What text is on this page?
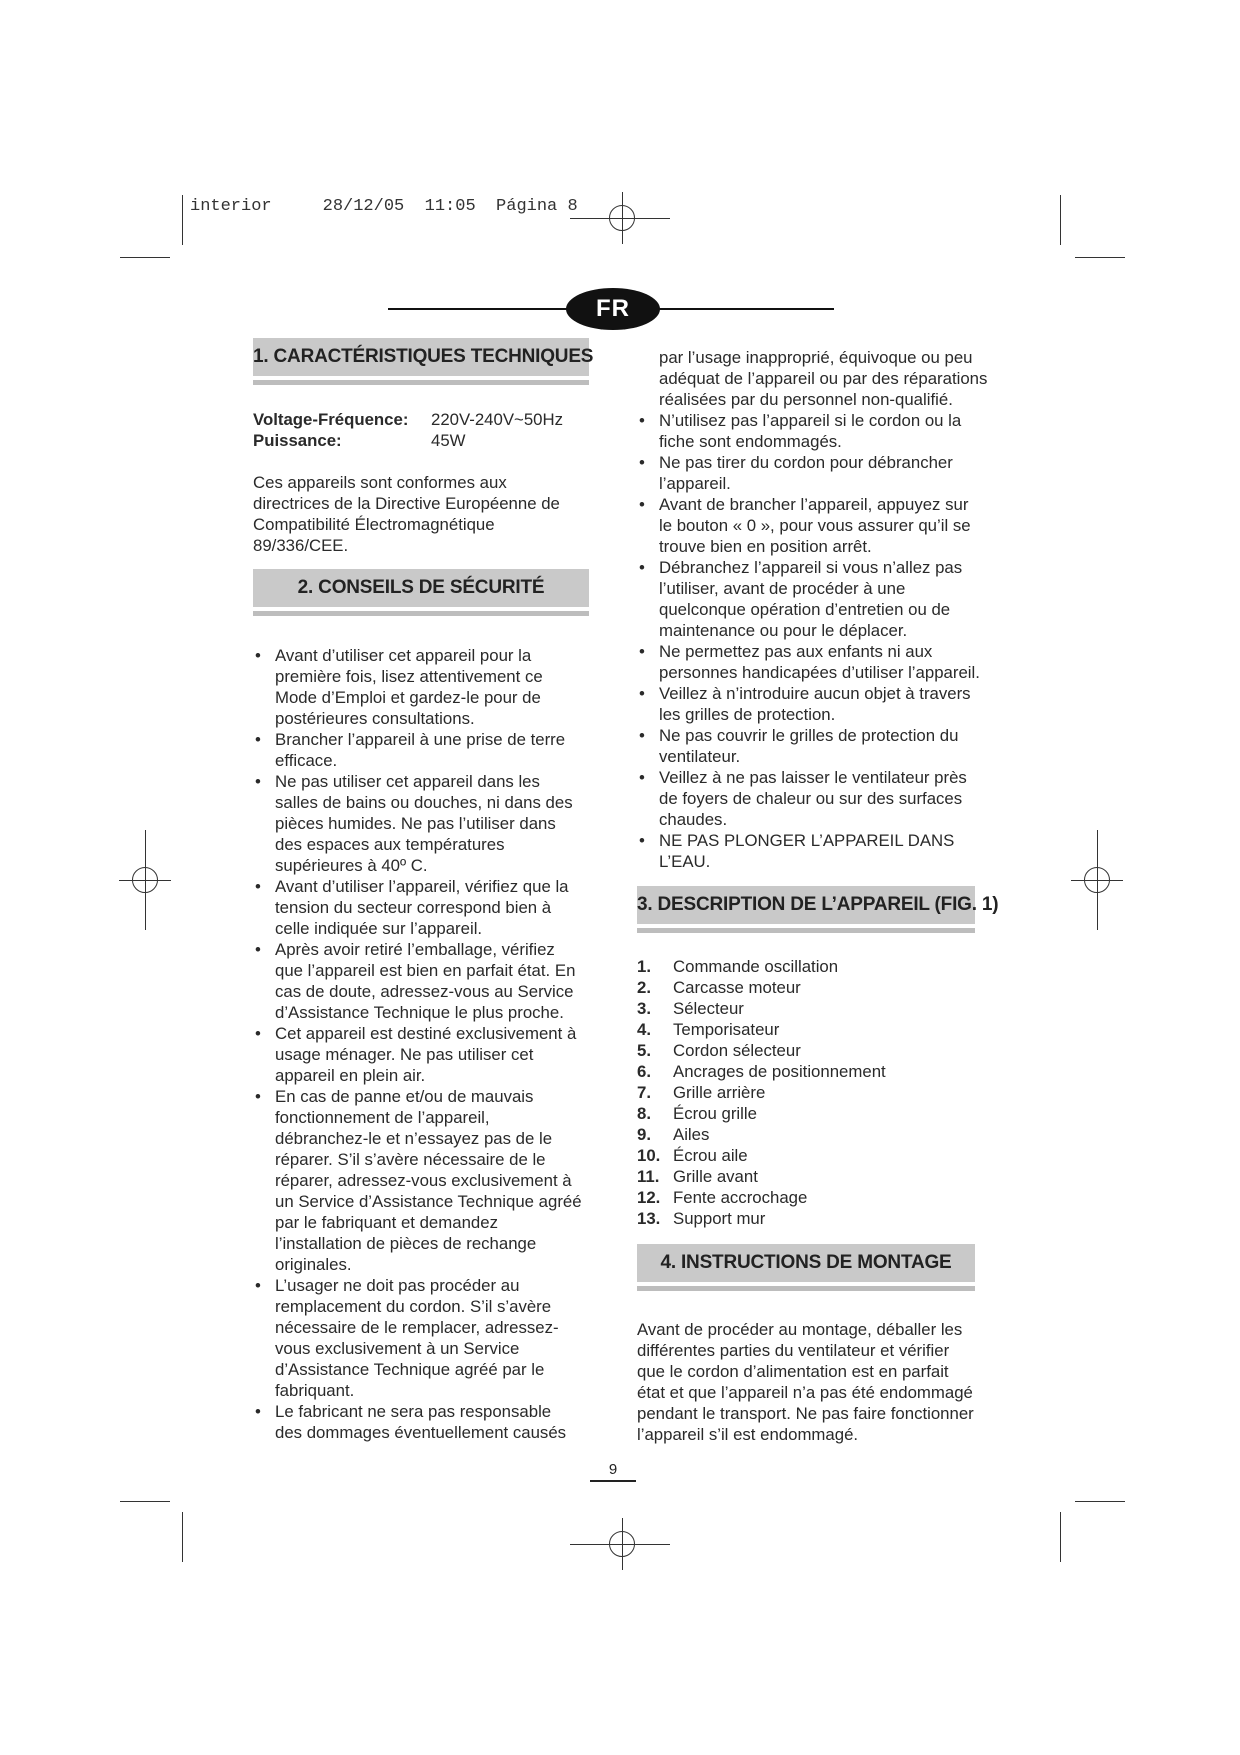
interior     28/12/05  11:05  Página 8
FR
1. CARACTÉRISTIQUES TECHNIQUES
Voltage-Fréquence:	220V-240V~50Hz
Puissance:	45W

Ces appareils sont conformes aux

directrices de la Directive Européenne de

Compatibilité Électromagnétique

89/336/CEE.

2. CONSEILS DE SÉCURITÉ

• Avant d’utiliser cet appareil pour la

première fois, lisez attentivement ce

Mode d’Emploi et gardez-le pour de

postérieures consultations.

• Brancher l’appareil à une prise de terre

efficace.

• Ne pas utiliser cet appareil dans les

salles de bains ou douches, ni dans des

pièces humides. Ne pas l’utiliser dans

des espaces aux températures

supérieures à 40º C.

• Avant d’utiliser l’appareil, vérifiez que la

tension du secteur correspond bien à

celle indiquée sur l’appareil.

• Après avoir retiré l’emballage, vérifiez

que l’appareil est bien en parfait état. En

cas de doute, adressez-vous au Service

d’Assistance Technique le plus proche.

• Cet appareil est destiné exclusivement à

usage ménager. Ne pas utiliser cet

appareil en plein air.

• En cas de panne et/ou de mauvais

fonctionnement de l’appareil,

débranchez-le et n’essayez pas de le

réparer. S’il s’avère nécessaire de le

réparer, adressez-vous exclusivement à

un Service d’Assistance Technique agréé

par le fabriquant et demandez

l’installation de pièces de rechange

originales.

• L’usager ne doit pas procéder au

remplacement du cordon. S’il s’avère

nécessaire de le remplacer, adressez-

vous exclusivement à un Service

d’Assistance Technique agréé par le

fabriquant.

• Le fabricant ne sera pas responsable

des dommages éventuellement causés

par l’usage inapproprié, équivoque ou peu

adéquat de l’appareil ou par des réparations

réalisées par du personnel non-qualifié.

• N’utilisez pas l’appareil si le cordon ou la

fiche sont endommagés.

• Ne pas tirer du cordon pour débrancher

l’appareil.

• Avant de brancher l’appareil, appuyez sur

le bouton « 0 », pour vous assurer qu’il se

trouve bien en position arrêt.

• Débranchez l’appareil si vous n’allez pas

l’utiliser, avant de procéder à une

quelconque opération d’entretien ou de

maintenance ou pour le déplacer.

• Ne permettez pas aux enfants ni aux

personnes handicapées d’utiliser l’appareil.

• Veillez à n’introduire aucun objet à travers

les grilles de protection.

• Ne pas couvrir le grilles de protection du

ventilateur.

• Veillez à ne pas laisser le ventilateur près

de foyers de chaleur ou sur des surfaces

chaudes.

• NE PAS PLONGER L’APPAREIL DANS

L’EAU.

3. DESCRIPTION DE L’APPAREIL (FIG. 1)
1.	Commande oscillation
2.	Carcasse moteur
3.	Sélecteur
4.	Temporisateur
5.	Cordon sélecteur
6.	Ancrages de positionnement
7.	Grille arrière
8.	Écrou grille
9.	Ailes
10. Écrou aile
11. Grille avant
12. Fente accrochage
13. Support mur
4. INSTRUCTIONS DE MONTAGE

Avant de procéder au montage, déballer les

différentes parties du ventilateur et vérifier

que le cordon d’alimentation est en parfait

état et que l’appareil n’a pas été endommagé

pendant le transport. Ne pas faire fonctionner

l’appareil s’il est endommagé.

9
